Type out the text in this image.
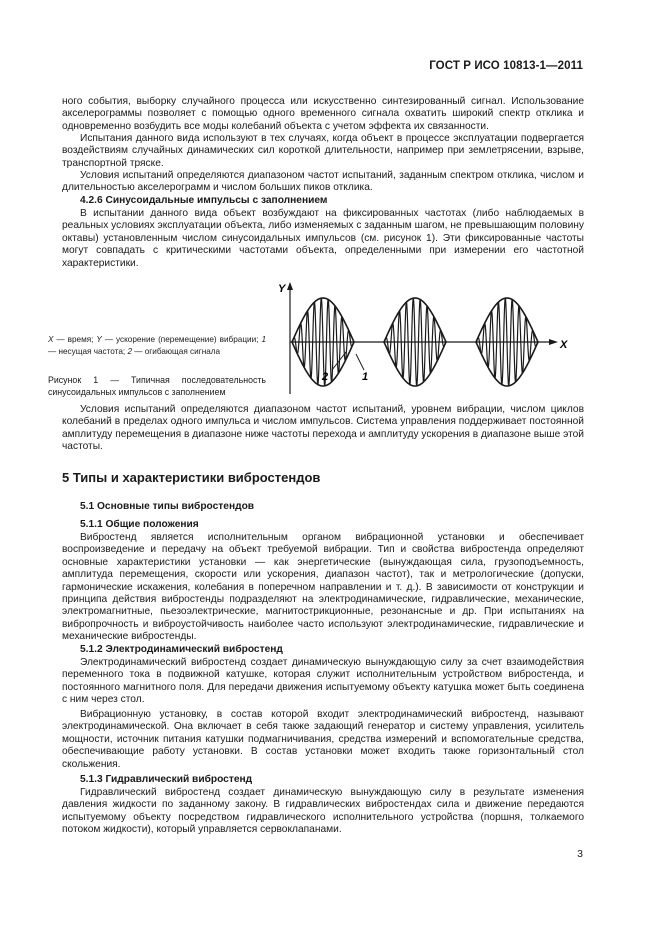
ГОСТ Р ИСО 10813-1—2011

ного события, выборку случайного процесса или искусственно синтезированный сигнал. Использование акселерограммы позволяет с помощью одного временного сигнала охватить широкий спектр отклика и одновременно возбудить все моды колебаний объекта с учетом эффекта их связанности.

Испытания данного вида используют в тех случаях, когда объект в процессе эксплуатации подвергается воздействиям случайных динамических сил короткой длительности, например при землетрясении, взрыве, транспортной тряске.

Условия испытаний определяются диапазоном частот испытаний, заданным спектром отклика, числом и длительностью акселерограмм и числом больших пиков отклика.

4.2.6 Синусоидальные импульсы с заполнением

В испытании данного вида объект возбуждают на фиксированных частотах (либо наблюдаемых в реальных условиях эксплуатации объекта, либо изменяемых с заданным шагом, не превышающим половину октавы) установленным числом синусоидальных импульсов (см. рисунок 1). Эти фиксированные частоты могут совпадать с критическими частотами объекта, определенными при измерении его частотной характеристики.

X — время; Y — ускорение (перемещение) вибрации; 1 — несущая частота; 2 — огибающая сигнала

Рисунок 1 — Типичная последовательность синусоидальных импульсов с заполнением

Y
X
2	1

Условия испытаний определяются диапазоном частот испытаний, уровнем вибрации, числом циклов колебаний в пределах одного импульса и числом импульсов. Система управления поддерживает постоянной амплитуду перемещения в диапазоне ниже частоты перехода и амплитуду ускорения в диапазоне выше этой частоты.

5 Типы и характеристики вибростендов

5.1 Основные типы вибростендов

5.1.1 Общие положения

Вибростенд является исполнительным органом вибрационной установки и обеспечивает воспроизведение и передачу на объект требуемой вибрации. Тип и свойства вибростенда определяют основные характеристики установки — как энергетические (вынуждающая сила, грузоподъемность, амплитуда перемещения, скорости или ускорения, диапазон частот), так и метрологические (допуски, гармонические искажения, колебания в поперечном направлении и т. д.). В зависимости от конструкции и принципа действия вибростенды подразделяют на электродинамические, гидравлические, механические, электромагнитные, пьезоэлектрические, магнитострикционные, резонансные и др. При испытаниях на вибропрочность и виброустойчивость наиболее часто используют электродинамические, гидравлические и механические вибростенды.

5.1.2 Электродинамический вибростенд

Электродинамический вибростенд создает динамическую вынуждающую силу за счет взаимодействия переменного тока в подвижной катушке, которая служит исполнительным устройством вибростенда, и постоянного магнитного поля. Для передачи движения испытуемому объекту катушка может быть соединена с ним через стол.

Вибрационную установку, в состав которой входит электродинамический вибростенд, называют электродинамической. Она включает в себя также задающий генератор и систему управления, усилитель мощности, источник питания катушки подмагничивания, средства измерений и вспомогательные средства, обеспечивающие работу установки. В состав установки может входить также горизонтальный стол скольжения.

5.1.3 Гидравлический вибростенд

Гидравлический вибростенд создает динамическую вынуждающую силу в результате изменения давления жидкости по заданному закону. В гидравлических вибростендах сила и движение передаются испытуемому объекту посредством гидравлического исполнительного устройства (поршня, толкаемого потоком жидкости), который управляется сервоклапанами.

3
